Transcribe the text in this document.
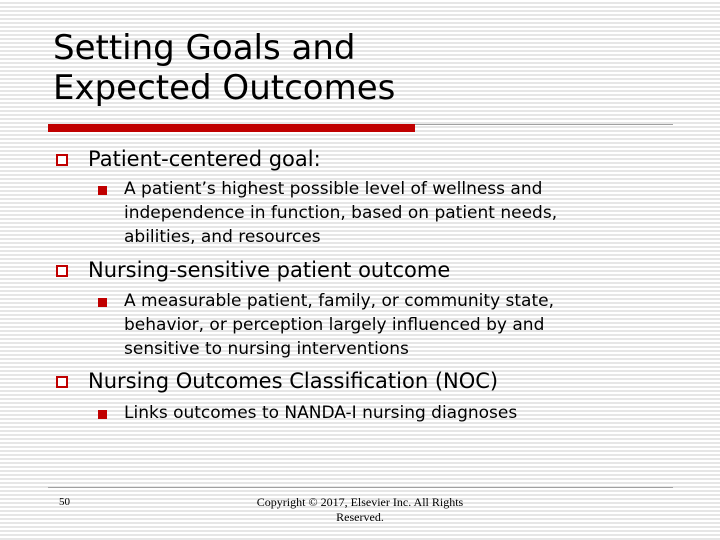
Setting Goals and
Expected Outcomes
Patient-centered goal:
A patient’s highest possible level of wellness and
independence in function, based on patient needs,
abilities, and resources
Nursing-sensitive patient outcome
A measurable patient, family, or community state,
behavior, or perception largely influenced by and
sensitive to nursing interventions
Nursing Outcomes Classification (NOC)
Links outcomes to NANDA-I nursing diagnoses
50	Copyright © 2017, Elsevier Inc. All Rights
Reserved.
